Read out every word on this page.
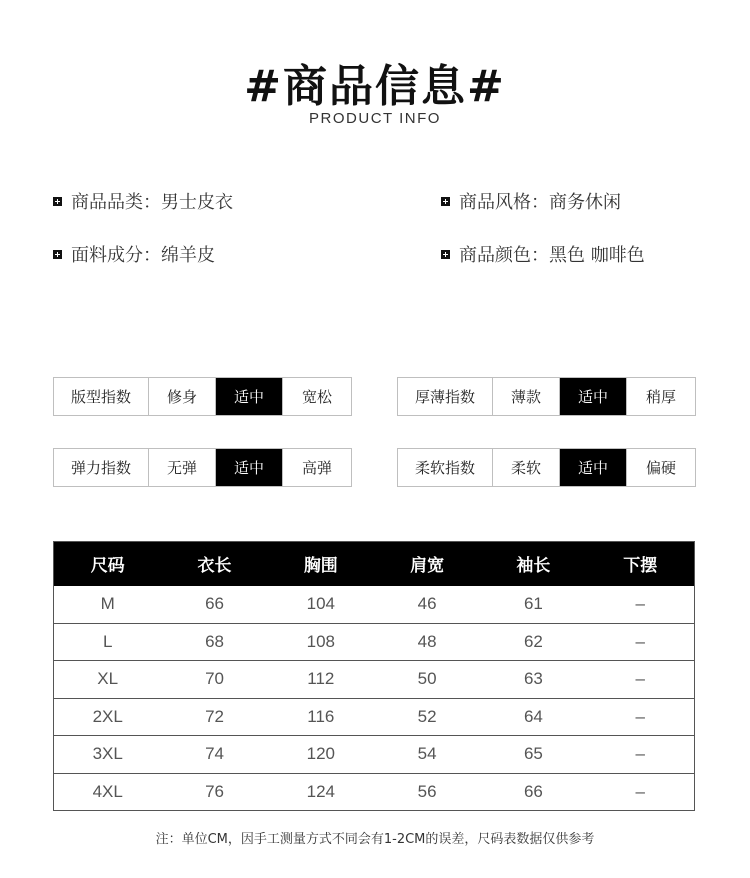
#商品信息#
PRODUCT INFO
商品品类：男士皮衣	商品风格：商务休闲
面料成分：绵羊皮	商品颜色：黑色 咖啡色
版型指数	修身	适中	宽松	厚薄指数	薄款	适中	稍厚
弹力指数	无弹	适中	高弹	柔软指数	柔软	适中	偏硬
尺码	衣长	胸围	肩宽	袖长	下摆
M	66	104	46	61	–
L	68	108	48	62	–
XL	70	112	50	63	–
2XL	72	116	52	64	–
3XL	74	120	54	65	–
4XL	76	124	56	66	–
注：单位CM，因手工测量方式不同会有1-2CM的误差，尺码表数据仅供参考
